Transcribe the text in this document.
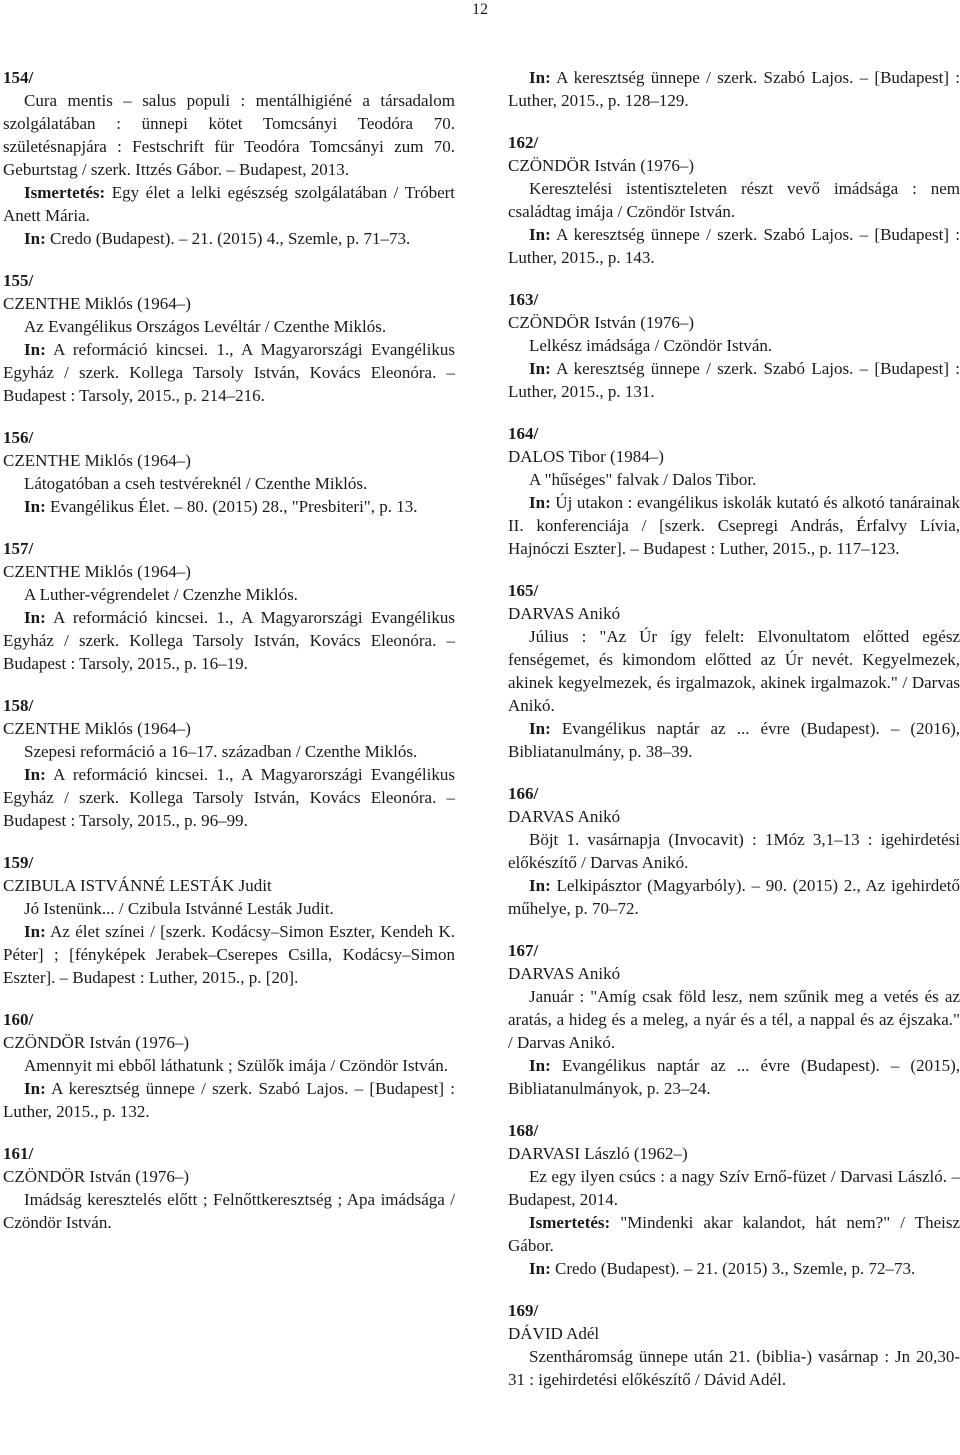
12
154/
Cura mentis – salus populi : mentálhigiéné a társadalom szolgálatában : ünnepi kötet Tomcsányi Teodóra 70. születésnapjára : Festschrift für Teodóra Tomcsányi zum 70. Geburtstag / szerk. Ittzés Gábor. – Budapest, 2013.
Ismertetés: Egy élet a lelki egészség szolgálatában / Tróbert Anett Mária.
In: Credo (Budapest). – 21. (2015) 4., Szemle, p. 71–73.
155/
CZENTHE Miklós (1964–)
Az Evangélikus Országos Levéltár / Czenthe Miklós.
In: A reformáció kincsei. 1., A Magyarországi Evangélikus Egyház / szerk. Kollega Tarsoly István, Kovács Eleonóra. – Budapest : Tarsoly, 2015., p. 214–216.
156/
CZENTHE Miklós (1964–)
Látogatóban a cseh testvéreknél / Czenthe Miklós.
In: Evangélikus Élet. – 80. (2015) 28., "Presbiteri", p. 13.
157/
CZENTHE Miklós (1964–)
A Luther-végrendelet / Czenzhe Miklós.
In: A reformáció kincsei. 1., A Magyarországi Evangélikus Egyház / szerk. Kollega Tarsoly István, Kovács Eleonóra. – Budapest : Tarsoly, 2015., p. 16–19.
158/
CZENTHE Miklós (1964–)
Szepesi reformáció a 16–17. században / Czenthe Miklós.
In: A reformáció kincsei. 1., A Magyarországi Evangélikus Egyház / szerk. Kollega Tarsoly István, Kovács Eleonóra. – Budapest : Tarsoly, 2015., p. 96–99.
159/
CZIBULA ISTVÁNNÉ LESTÁK Judit
Jó Istenünk... / Czibula Istvánné Lesták Judit.
In: Az élet színei / [szerk. Kodácsy–Simon Eszter, Kendeh K. Péter] ; [fényképek Jerabek–Cserepes Csilla, Kodácsy–Simon Eszter]. – Budapest : Luther, 2015., p. [20].
160/
CZÖNDÖR István (1976–)
Amennyit mi ebből láthatunk ; Szülők imája / Czöndör István.
In: A keresztség ünnepe / szerk. Szabó Lajos. – [Budapest] : Luther, 2015., p. 132.
161/
CZÖNDÖR István (1976–)
Imádság keresztelés előtt ; Felnőttkeresztség ; Apa imádsága / Czöndör István.
In: A keresztség ünnepe / szerk. Szabó Lajos. – [Budapest] : Luther, 2015., p. 128–129.
162/
CZÖNDÖR István (1976–)
Keresztelési istentiszteleten részt vevő imádsága : nem családtag imája / Czöndör István.
In: A keresztség ünnepe / szerk. Szabó Lajos. – [Budapest] : Luther, 2015., p. 143.
163/
CZÖNDÖR István (1976–)
Lelkész imádsága / Czöndör István.
In: A keresztség ünnepe / szerk. Szabó Lajos. – [Budapest] : Luther, 2015., p. 131.
164/
DALOS Tibor (1984–)
A "hűséges" falvak / Dalos Tibor.
In: Új utakon : evangélikus iskolák kutató és alkotó tanárainak II. konferenciája / [szerk. Csepregi András, Érfalvy Lívia, Hajnóczi Eszter]. – Budapest : Luther, 2015., p. 117–123.
165/
DARVAS Anikó
Július : "Az Úr így felelt: Elvonultatom előtted egész fenségemet, és kimondom előtted az Úr nevét. Kegyelmezek, akinek kegyelmezek, és irgalmazok, akinek irgalmazok." / Darvas Anikó.
In: Evangélikus naptár az ... évre (Budapest). – (2016), Bibliatanulmány, p. 38–39.
166/
DARVAS Anikó
Böjt 1. vasárnapja (Invocavit) : 1Móz 3,1–13 : igehirdetési előkészítő / Darvas Anikó.
In: Lelkipásztor (Magyarbóly). – 90. (2015) 2., Az igehirdető műhelye, p. 70–72.
167/
DARVAS Anikó
Január : "Amíg csak föld lesz, nem szűnik meg a vetés és az aratás, a hideg és a meleg, a nyár és a tél, a nappal és az éjszaka." / Darvas Anikó.
In: Evangélikus naptár az ... évre (Budapest). – (2015), Bibliatanulmányok, p. 23–24.
168/
DARVASI László (1962–)
Ez egy ilyen csúcs : a nagy Szív Ernő-füzet / Darvasi László. – Budapest, 2014.
Ismertetés: "Mindenki akar kalandot, hát nem?" / Theisz Gábor.
In: Credo (Budapest). – 21. (2015) 3., Szemle, p. 72–73.
169/
DÁVID Adél
Szentháromság ünnepe után 21. (biblia-) vasárnap : Jn 20,30-31 : igehirdetési előkészítő / Dávid Adél.
